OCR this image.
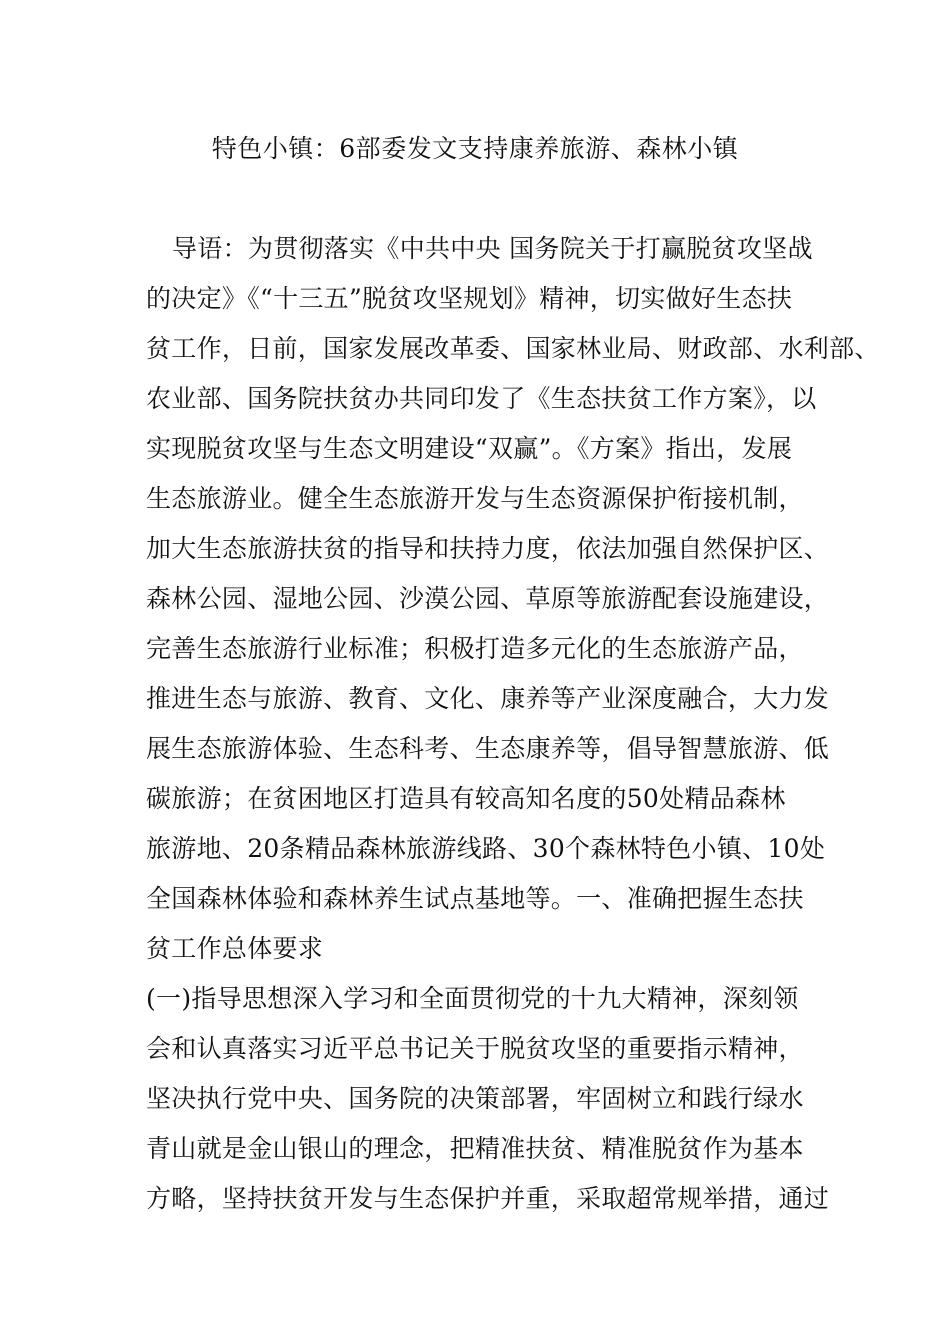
特色小镇：6部委发文支持康养旅游、森林小镇
导语：为贯彻落实《中共中央 国务院关于打赢脱贫攻坚战
的决定》《“十三五”脱贫攻坚规划》精神，切实做好生态扶
贫工作，日前，国家发展改革委、国家林业局、财政部、水利部、
农业部、国务院扶贫办共同印发了《生态扶贫工作方案》，以
实现脱贫攻坚与生态文明建设“双赢”。《方案》指出，发展
生态旅游业。健全生态旅游开发与生态资源保护衔接机制，
加大生态旅游扶贫的指导和扶持力度，依法加强自然保护区、
森林公园、湿地公园、沙漠公园、草原等旅游配套设施建设，
完善生态旅游行业标准；积极打造多元化的生态旅游产品，
推进生态与旅游、教育、文化、康养等产业深度融合，大力发
展生态旅游体验、生态科考、生态康养等，倡导智慧旅游、低
碳旅游；在贫困地区打造具有较高知名度的50处精品森林
旅游地、20条精品森林旅游线路、30个森林特色小镇、10处
全国森林体验和森林养生试点基地等。一、准确把握生态扶
贫工作总体要求
(一)指导思想深入学习和全面贯彻党的十九大精神，深刻领
会和认真落实习近平总书记关于脱贫攻坚的重要指示精神，
坚决执行党中央、国务院的决策部署，牢固树立和践行绿水
青山就是金山银山的理念，把精准扶贫、精准脱贫作为基本
方略，坚持扶贫开发与生态保护并重，采取超常规举措，通过
